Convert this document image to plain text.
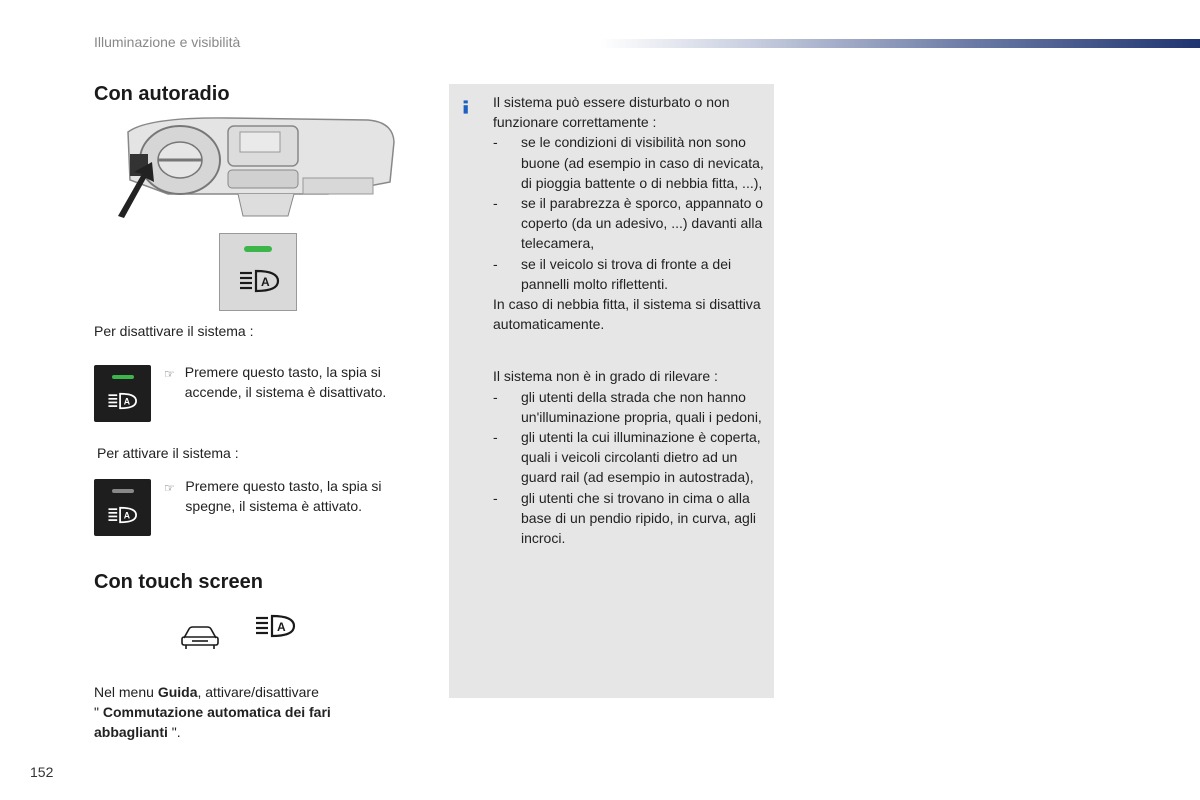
Illuminazione e visibilità
Con autoradio
A
Per disattivare il sistema :
A
☞ Premere questo tasto, la spia si accende, il sistema è disattivato.
Per attivare il sistema :
A
☞ Premere questo tasto, la spia si spegne, il sistema è attivato.
Con touch screen
A
Nel menu Guida, attivare/disattivare
" Commutazione automatica dei fari abbaglianti ".
Il sistema può essere disturbato o non funzionare correttamente :
- se le condizioni di visibilità non sono buone (ad esempio in caso di nevicata, di pioggia battente o di nebbia fitta, ...),
- se il parabrezza è sporco, appannato o coperto (da un adesivo, ...) davanti alla telecamera,
- se il veicolo si trova di fronte a dei pannelli molto riflettenti.
In caso di nebbia fitta, il sistema si disattiva automaticamente.
Il sistema non è in grado di rilevare :
- gli utenti della strada che non hanno un'illuminazione propria, quali i pedoni,
- gli utenti la cui illuminazione è coperta, quali i veicoli circolanti dietro ad un guard rail (ad esempio in autostrada),
- gli utenti che si trovano in cima o alla base di un pendio ripido, in curva, agli incroci.
152
